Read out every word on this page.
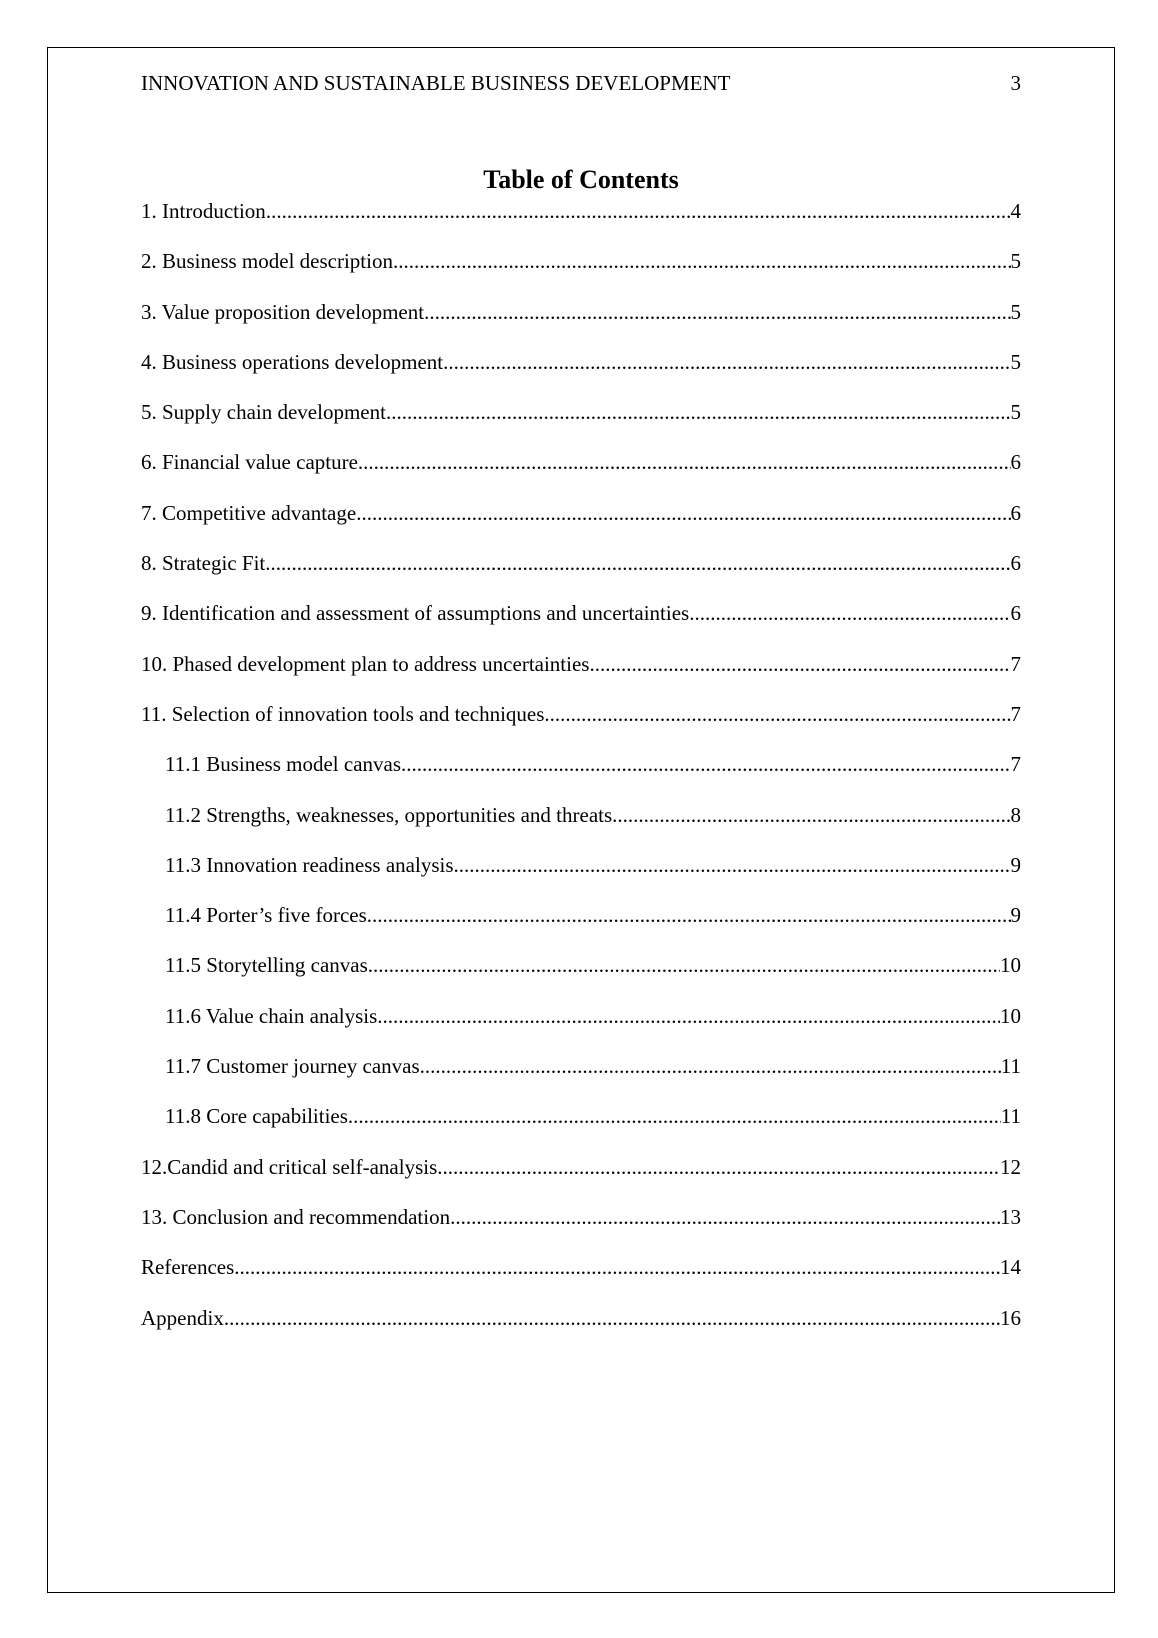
INNOVATION AND SUSTAINABLE BUSINESS DEVELOPMENT	3
Table of Contents
1. Introduction .....	4
2. Business model description .....	5
3. Value proposition development .....	5
4. Business operations development .....	5
5. Supply chain development .....	5
6. Financial value capture .....	6
7. Competitive advantage .....	6
8. Strategic Fit .....	6
9. Identification and assessment of assumptions and uncertainties .....	6
10. Phased development plan to address uncertainties .....	7
11. Selection of innovation tools and techniques .....	7
11.1 Business model canvas .....	7
11.2 Strengths, weaknesses, opportunities and threats .....	8
11.3 Innovation readiness analysis .....	9
11.4 Porter’s five forces .....	9
11.5 Storytelling canvas .....	10
11.6 Value chain analysis .....	10
11.7 Customer journey canvas .....	11
11.8 Core capabilities .....	11
12.Candid and critical self-analysis .....	12
13. Conclusion and recommendation .....	13
References .....	14
Appendix .....	16
